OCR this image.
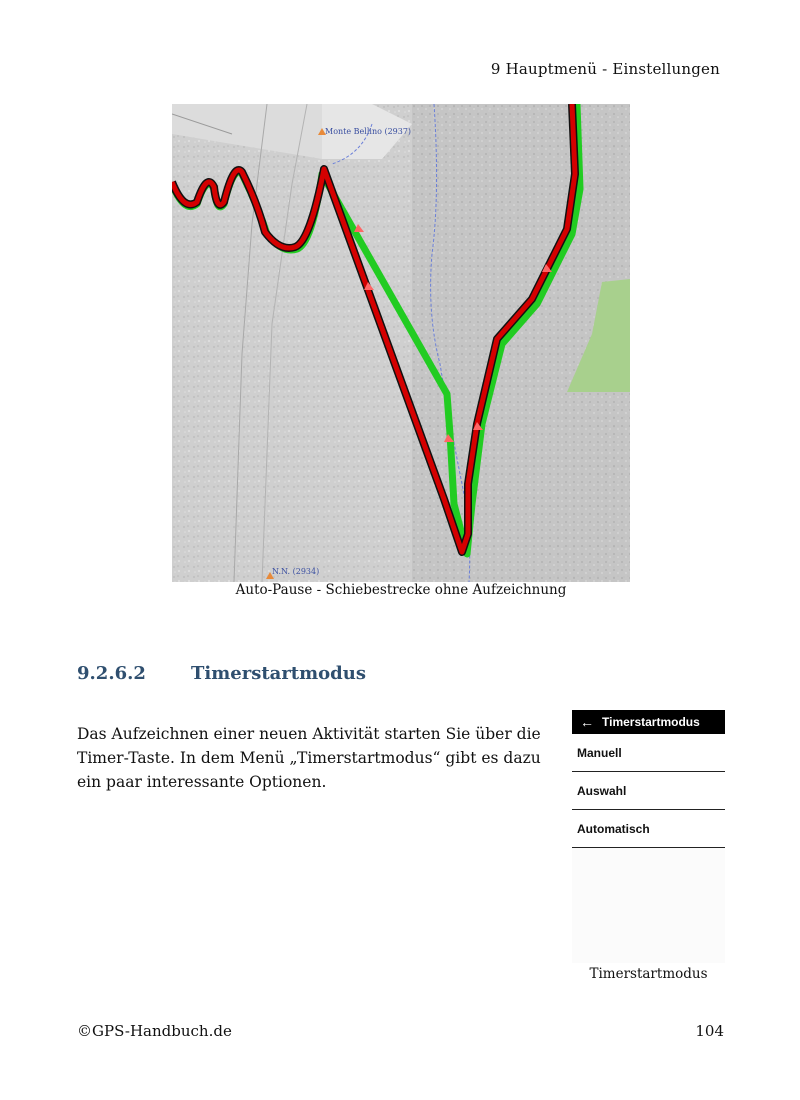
9 Hauptmenü - Einstellungen
Monte Bellino (2937)
N.N. (2934)
Auto-Pause - Schiebestrecke ohne Aufzeichnung
9.2.6.2	Timerstartmodus
Das Aufzeichnen einer neuen Aktivität starten Sie über die Timer-Taste. In dem Menü „Timerstartmodus“ gibt es dazu ein paar interessante Optionen.
← Timerstartmodus
Manuell
Auswahl
Automatisch
Timerstartmodus
©GPS-Handbuch.de	104
